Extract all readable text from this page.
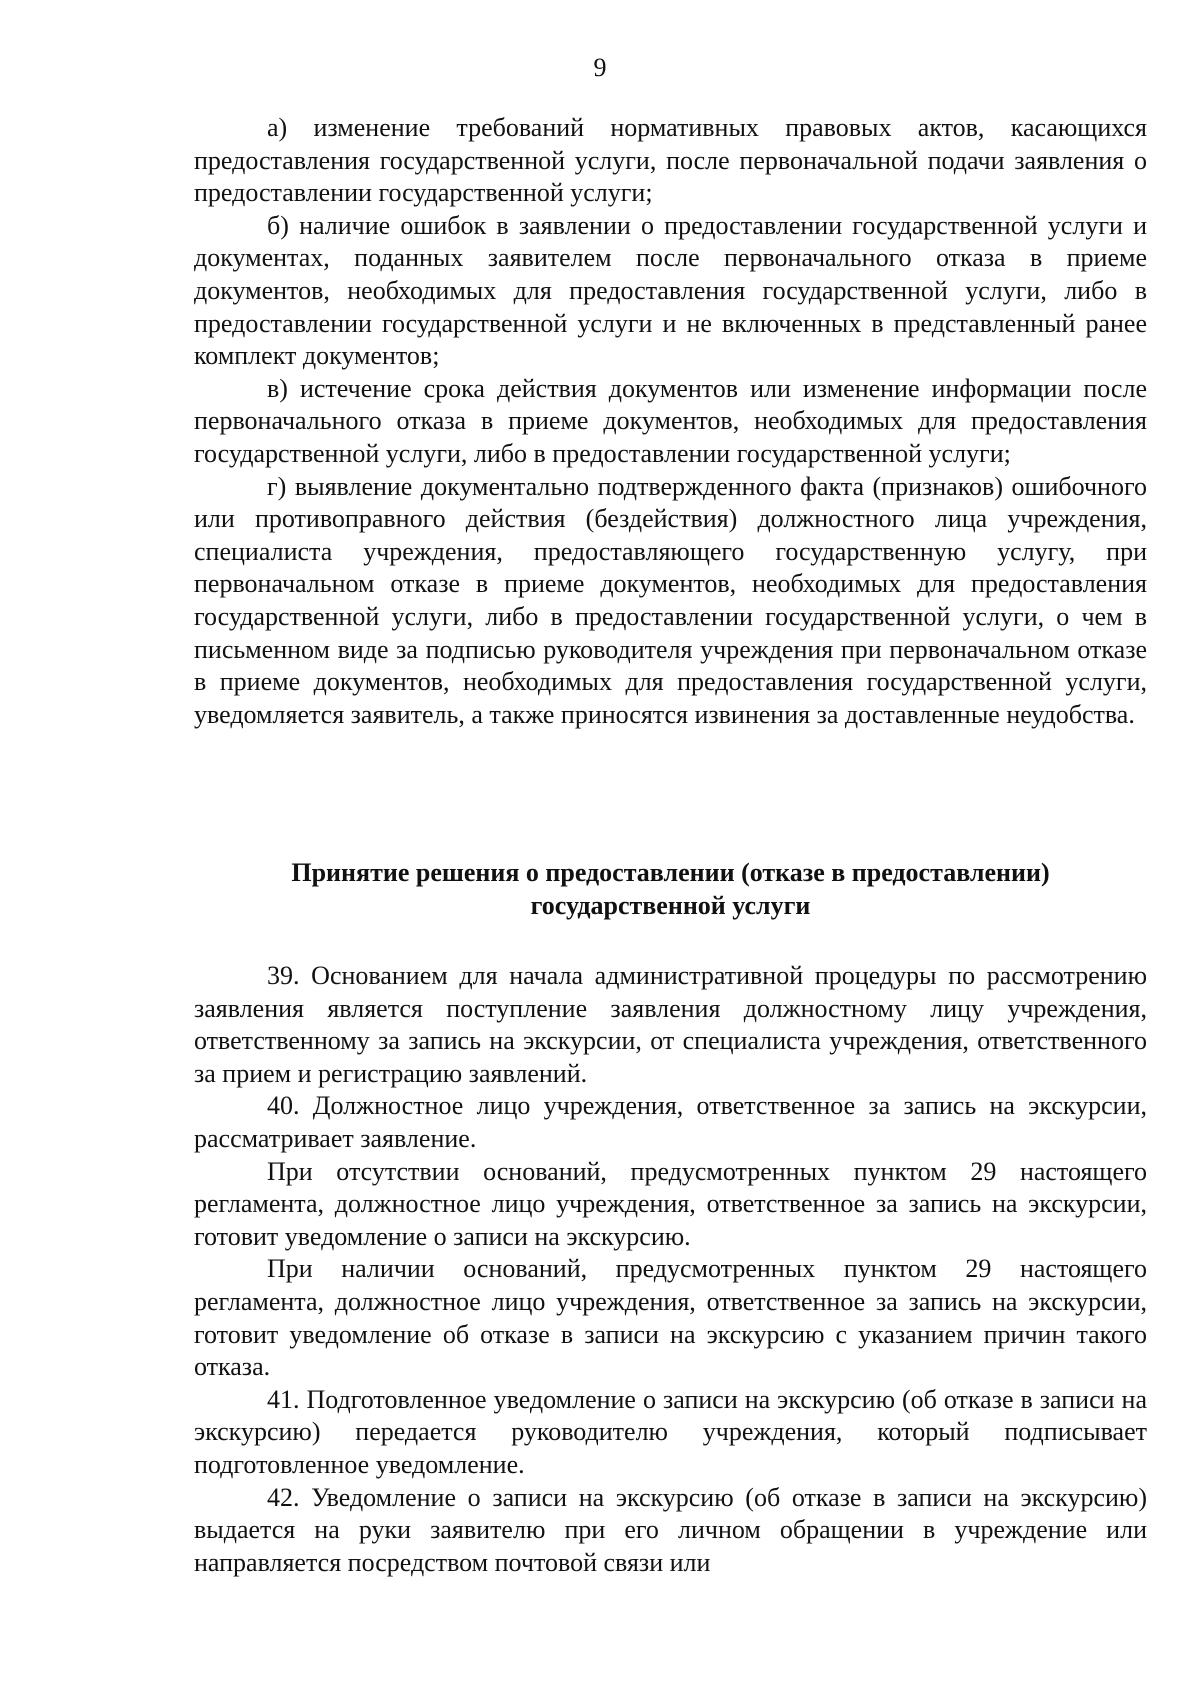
9

а) изменение требований нормативных правовых актов, касающихся предоставления государственной услуги, после первоначальной подачи заявления о предоставлении государственной услуги;

б) наличие ошибок в заявлении о предоставлении государственной услуги и документах, поданных заявителем после первоначального отказа в приеме документов, необходимых для предоставления государственной услуги, либо в предоставлении государственной услуги и не включенных в представленный ранее комплект документов;

в) истечение срока действия документов или изменение информации после первоначального отказа в приеме документов, необходимых для предоставления государственной услуги, либо в предоставлении государственной услуги;

г) выявление документально подтвержденного факта (признаков) ошибочного или противоправного действия (бездействия) должностного лица учреждения, специалиста учреждения, предоставляющего государственную услугу, при первоначальном отказе в приеме документов, необходимых для предоставления государственной услуги, либо в предоставлении государственной услуги, о чем в письменном виде за подписью руководителя учреждения при первоначальном отказе в приеме документов, необходимых для предоставления государственной услуги, уведомляется заявитель, а также приносятся извинения за доставленные неудобства.

Принятие решения о предоставлении (отказе в предоставлении)
государственной услуги

39. Основанием для начала административной процедуры по рассмотрению заявления является поступление заявления должностному лицу учреждения, ответственному за запись на экскурсии, от специалиста учреждения, ответственного за прием и регистрацию заявлений.

40. Должностное лицо учреждения, ответственное за запись на экскурсии, рассматривает заявление.

При отсутствии оснований, предусмотренных пунктом 29 настоящего регламента, должностное лицо учреждения, ответственное за запись на экскурсии, готовит уведомление о записи на экскурсию.

При наличии оснований, предусмотренных пунктом 29 настоящего регламента, должностное лицо учреждения, ответственное за запись на экскурсии, готовит уведомление об отказе в записи на экскурсию с указанием причин такого отказа.

41. Подготовленное уведомление о записи на экскурсию (об отказе в записи на экскурсию) передается руководителю учреждения, который подписывает подготовленное уведомление.

42. Уведомление о записи на экскурсию (об отказе в записи на экскурсию) выдается на руки заявителю при его личном обращении в учреждение или направляется посредством почтовой связи или
